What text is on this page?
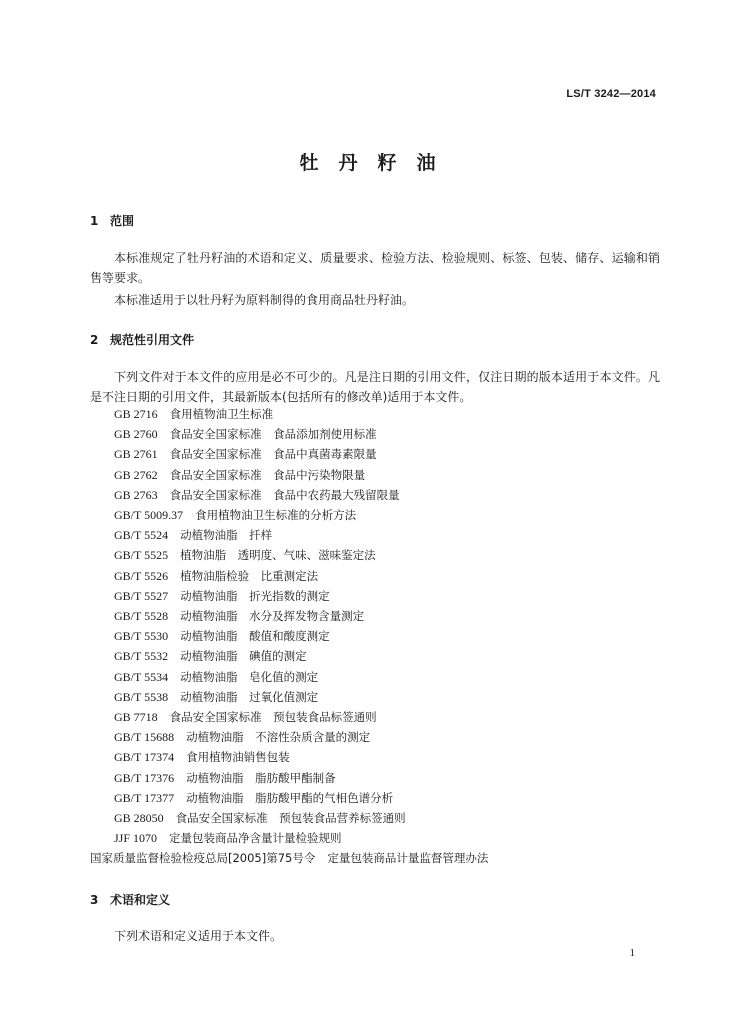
LS/T 3242—2014
牡丹籽油
1 范围
本标准规定了牡丹籽油的术语和定义、质量要求、检验方法、检验规则、标签、包装、储存、运输和销售等要求。
本标准适用于以牡丹籽为原料制得的食用商品牡丹籽油。
2 规范性引用文件
下列文件对于本文件的应用是必不可少的。凡是注日期的引用文件，仅注日期的版本适用于本文件。凡是不注日期的引用文件，其最新版本(包括所有的修改单)适用于本文件。
GB 2716 食用植物油卫生标准
GB 2760 食品安全国家标准　食品添加剂使用标准
GB 2761 食品安全国家标准　食品中真菌毒素限量
GB 2762 食品安全国家标准　食品中污染物限量
GB 2763 食品安全国家标准　食品中农药最大残留限量
GB/T 5009.37 食用植物油卫生标准的分析方法
GB/T 5524 动植物油脂　扦样
GB/T 5525 植物油脂　透明度、气味、滋味鉴定法
GB/T 5526 植物油脂检验　比重测定法
GB/T 5527 动植物油脂　折光指数的测定
GB/T 5528 动植物油脂　水分及挥发物含量测定
GB/T 5530 动植物油脂　酸值和酸度测定
GB/T 5532 动植物油脂　碘值的测定
GB/T 5534 动植物油脂　皂化值的测定
GB/T 5538 动植物油脂　过氧化值测定
GB 7718 食品安全国家标准　预包装食品标签通则
GB/T 15688 动植物油脂　不溶性杂质含量的测定
GB/T 17374 食用植物油销售包装
GB/T 17376 动植物油脂　脂肪酸甲酯制备
GB/T 17377 动植物油脂　脂肪酸甲酯的气相色谱分析
GB 28050 食品安全国家标准　预包装食品营养标签通则
JJF 1070 定量包装商品净含量计量检验规则
国家质量监督检验检疫总局[2005]第75号令 定量包装商品计量监督管理办法
3 术语和定义
下列术语和定义适用于本文件。
1
